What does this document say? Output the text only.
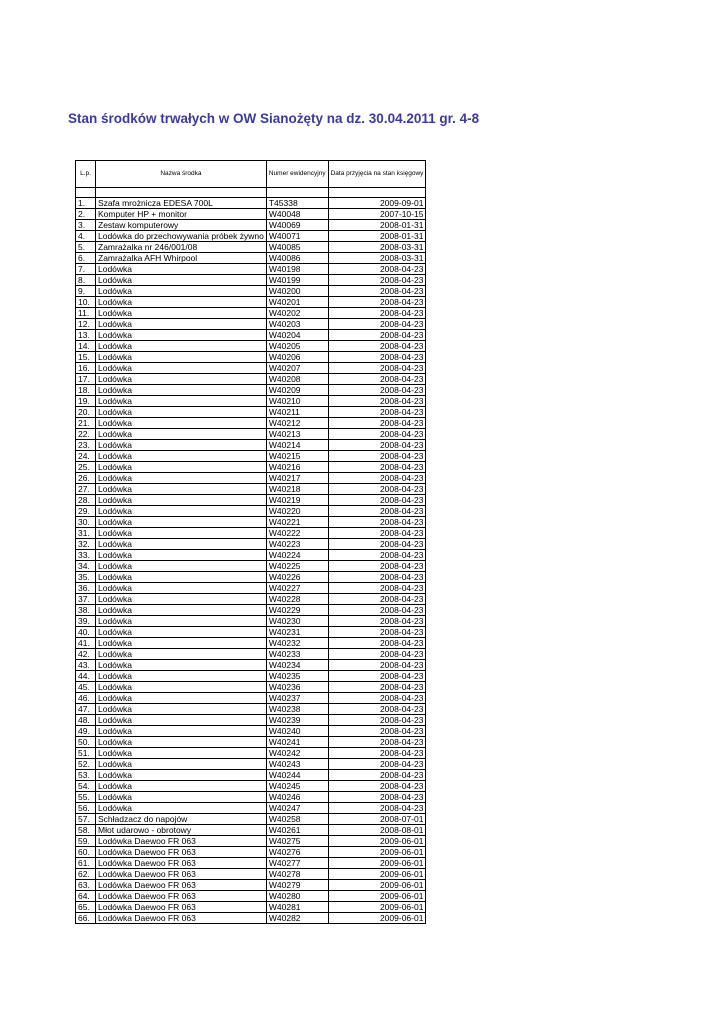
Stan środków trwałych w OW Sianożęty na dz. 30.04.2011 gr. 4-8
L.p.	Nazwa środka	Numer ewidencyjny	Data przyjęcia na stan księgowy

1.	Szafa mrożnicza EDESA 700L	T45338	2009-09-01
2.	Komputer HP + monitor	W40048	2007-10-15
3.	Zestaw komputerowy	W40069	2008-01-31
4.	Lodówka do przechowywania próbek żywno	W40071	2008-01-31
5.	Zamrażalka nr 246/001/08	W40085	2008-03-31
6.	Zamrażalka AFH Whirpool	W40086	2008-03-31
7.	Lodówka	W40198	2008-04-23
8.	Lodówka	W40199	2008-04-23
9.	Lodówka	W40200	2008-04-23
10.	Lodówka	W40201	2008-04-23
11.	Lodówka	W40202	2008-04-23
12.	Lodówka	W40203	2008-04-23
13.	Lodówka	W40204	2008-04-23
14.	Lodówka	W40205	2008-04-23
15.	Lodówka	W40206	2008-04-23
16.	Lodówka	W40207	2008-04-23
17.	Lodówka	W40208	2008-04-23
18.	Lodówka	W40209	2008-04-23
19.	Lodówka	W40210	2008-04-23
20.	Lodówka	W40211	2008-04-23
21.	Lodówka	W40212	2008-04-23
22.	Lodówka	W40213	2008-04-23
23.	Lodówka	W40214	2008-04-23
24.	Lodówka	W40215	2008-04-23
25.	Lodówka	W40216	2008-04-23
26.	Lodówka	W40217	2008-04-23
27.	Lodówka	W40218	2008-04-23
28.	Lodówka	W40219	2008-04-23
29.	Lodówka	W40220	2008-04-23
30.	Lodówka	W40221	2008-04-23
31.	Lodówka	W40222	2008-04-23
32.	Lodówka	W40223	2008-04-23
33.	Lodówka	W40224	2008-04-23
34.	Lodówka	W40225	2008-04-23
35.	Lodówka	W40226	2008-04-23
36.	Lodówka	W40227	2008-04-23
37.	Lodówka	W40228	2008-04-23
38.	Lodówka	W40229	2008-04-23
39.	Lodówka	W40230	2008-04-23
40.	Lodówka	W40231	2008-04-23
41.	Lodówka	W40232	2008-04-23
42.	Lodówka	W40233	2008-04-23
43.	Lodówka	W40234	2008-04-23
44.	Lodówka	W40235	2008-04-23
45.	Lodówka	W40236	2008-04-23
46.	Lodówka	W40237	2008-04-23
47.	Lodówka	W40238	2008-04-23
48.	Lodówka	W40239	2008-04-23
49.	Lodówka	W40240	2008-04-23
50.	Lodówka	W40241	2008-04-23
51.	Lodówka	W40242	2008-04-23
52.	Lodówka	W40243	2008-04-23
53.	Lodówka	W40244	2008-04-23
54.	Lodówka	W40245	2008-04-23
55.	Lodówka	W40246	2008-04-23
56.	Lodówka	W40247	2008-04-23
57.	Schładzacz do napojów	W40258	2008-07-01
58.	Młot udarowo - obrotowy	W40261	2008-08-01
59.	Lodówka Daewoo FR 063	W40275	2009-06-01
60.	Lodówka Daewoo FR 063	W40276	2009-06-01
61.	Lodówka Daewoo FR 063	W40277	2009-06-01
62.	Lodówka Daewoo FR 063	W40278	2009-06-01
63.	Lodówka Daewoo FR 063	W40279	2009-06-01
64.	Lodówka Daewoo FR 063	W40280	2009-06-01
65.	Lodówka Daewoo FR 063	W40281	2009-06-01
66.	Lodówka Daewoo FR 063	W40282	2009-06-01
